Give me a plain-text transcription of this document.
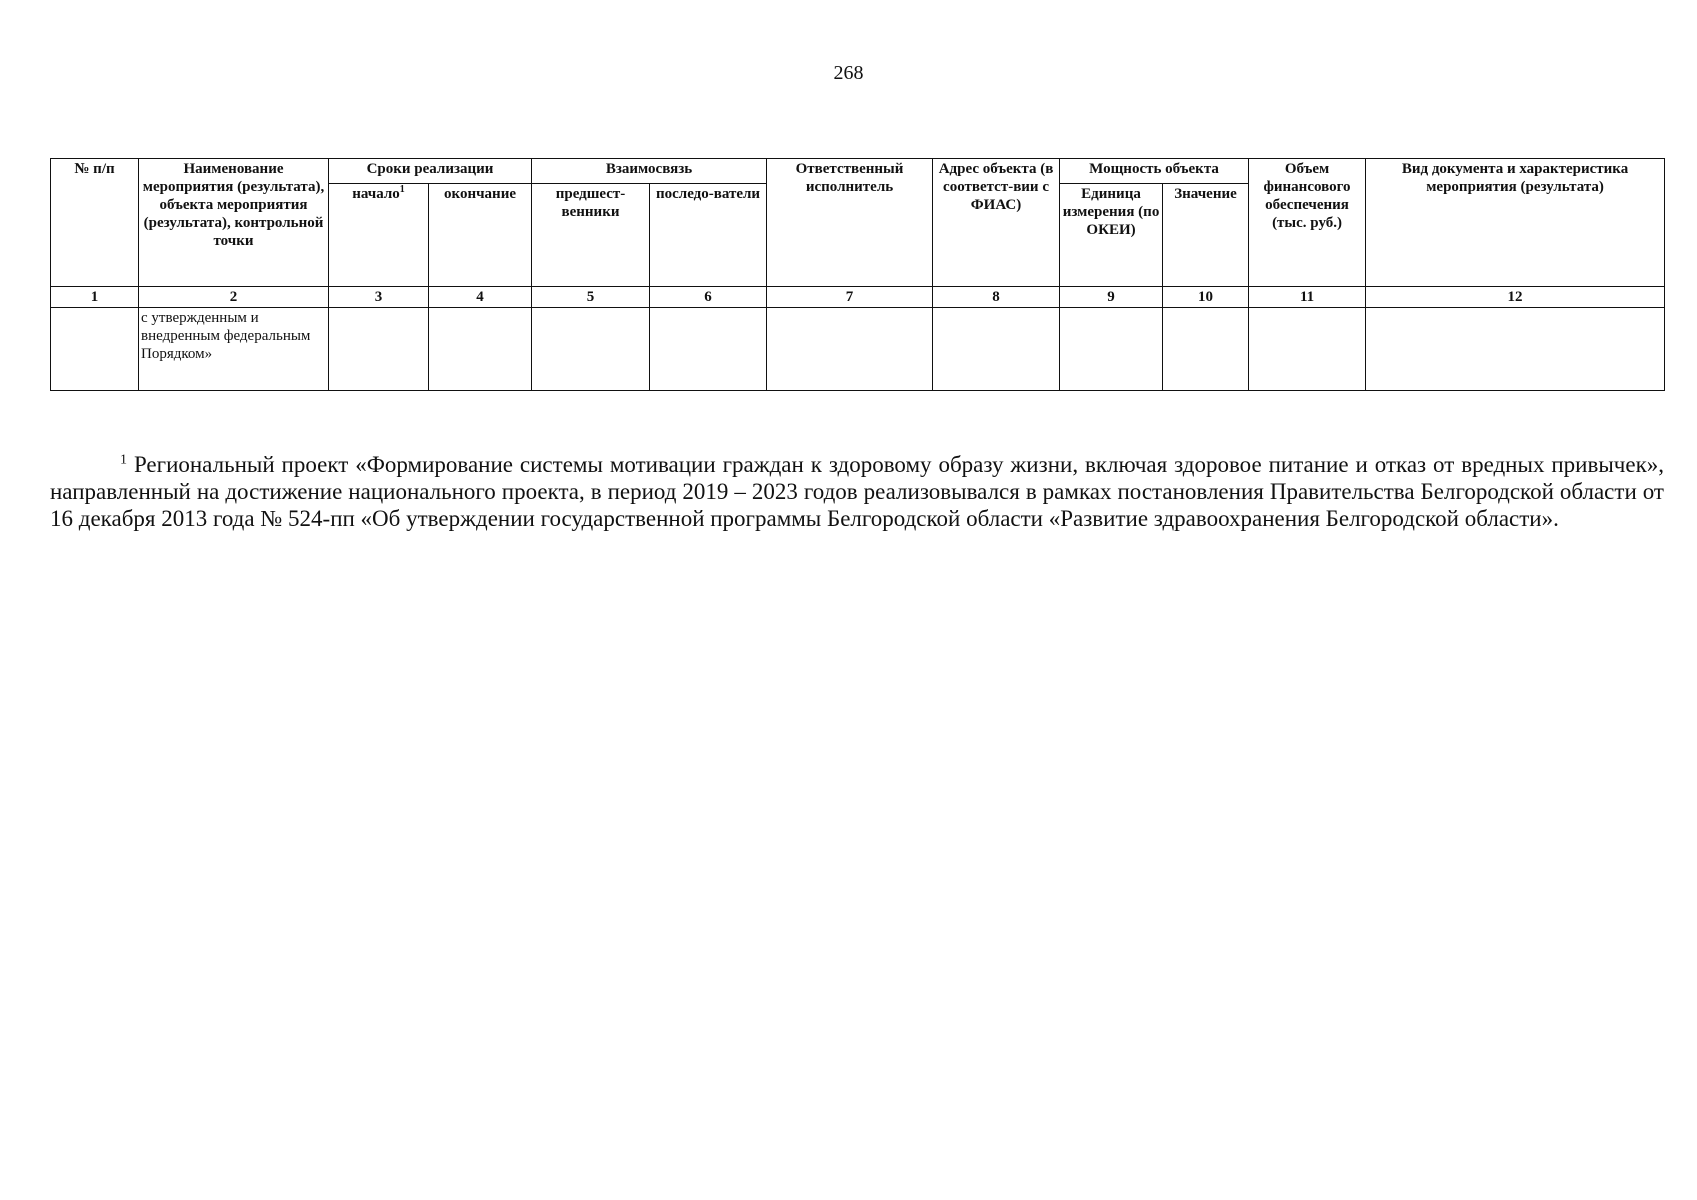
268
№ п/п	Наименование мероприятия (результата), объекта мероприятия (результата), контрольной точки	Сроки реализации		Взаимосвязь		Ответственный исполнитель	Адрес объекта (в соответст-вии с ФИАС)	Мощность объекта		Объем финансового обеспечения (тыс. руб.)	Вид документа и характеристика мероприятия (результата)
		начало$^1$	окончание	предшест-венники	последо-ватели			Единица измерения (по ОКЕИ)	Значение		
1	2	3	4	5	6	7	8	9	10	11	12
	с утвержденным и внедренным федеральным Порядком»										

$^1$ Региональный проект «Формирование системы мотивации граждан к здоровому образу жизни, включая здоровое питание и отказ от вредных привычек», направленный на достижение национального проекта, в период 2019 – 2023 годов реализовывался в рамках постановления Правительства Белгородской области от 16 декабря 2013 года № 524-пп «Об утверждении государственной программы Белгородской области «Развитие здравоохранения Белгородской области».
